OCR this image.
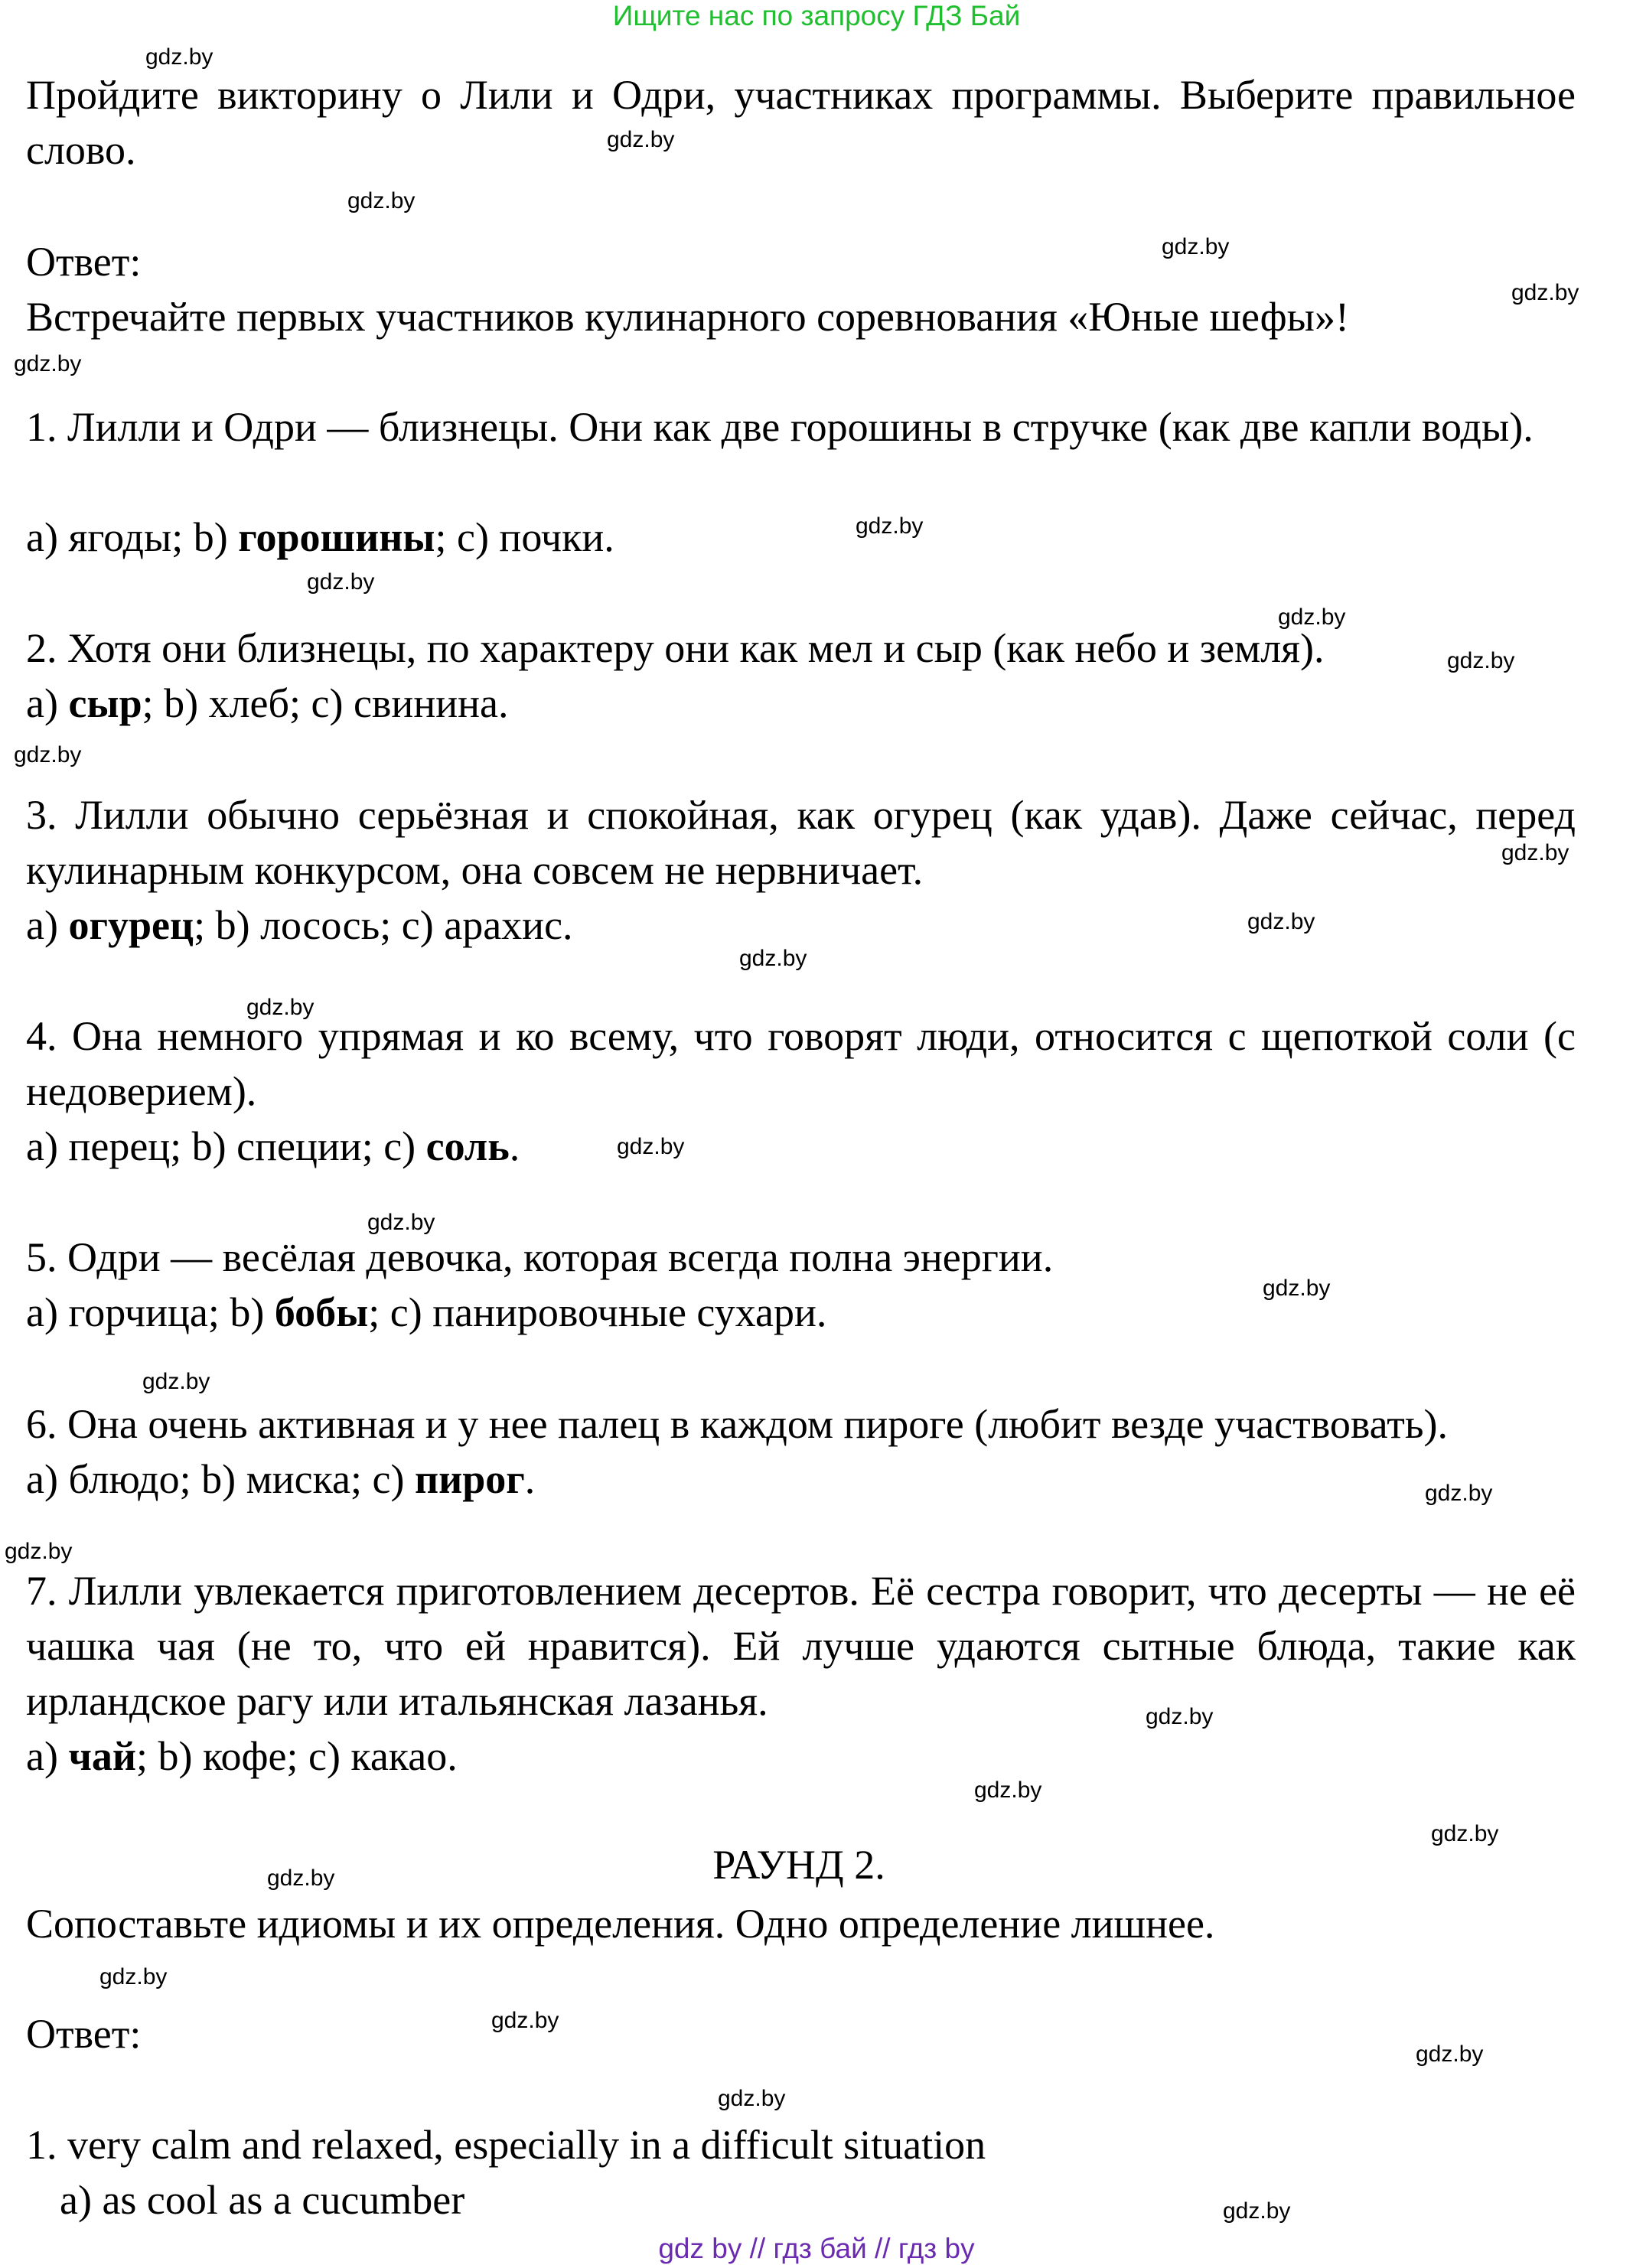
Ищите нас по запросу ГДЗ Бай
gdz.by
gdz.by
gdz.by
gdz.by
gdz.by
gdz.by
gdz.by
gdz.by
gdz.by
gdz.by
gdz.by
gdz.by
gdz.by
gdz.by
gdz.by
gdz.by
gdz.by
gdz.by
gdz.by
gdz.by
gdz.by
gdz.by
gdz.by
gdz.by
gdz.by
gdz.by
gdz.by
gdz.by
gdz.by
gdz.by

Пройдите викторину о Лили и Одри, участниках программы. Выберите правильное слово.

Ответ:

Встречайте первых участников кулинарного соревнования «Юные шефы»!

1. Лилли и Одри — близнецы. Они как две горошины в стручке (как две капли воды).

a) ягоды; b) горошины; c) почки.

2. Хотя они близнецы, по характеру они как мел и сыр (как небо и земля).

a) сыр; b) хлеб; c) свинина.

3. Лилли обычно серьёзная и спокойная, как огурец (как удав). Даже сейчас, перед кулинарным конкурсом, она совсем не нервничает.

a) огурец; b) лосось; c) арахис.

4. Она немного упрямая и ко всему, что говорят люди, относится с щепоткой соли (с недоверием).

a) перец; b) специи; c) соль.

5. Одри — весёлая девочка, которая всегда полна энергии.

a) горчица; b) бобы; c) панировочные сухари.

6. Она очень активная и у нее палец в каждом пироге (любит везде участвовать).

a) блюдо; b) миска; c) пирог.

7. Лилли увлекается приготовлением десертов. Её сестра говорит, что десерты — не её чашка чая (не то, что ей нравится). Ей лучше удаются сытные блюда, такие как ирландское рагу или итальянская лазанья.

a) чай; b) кофе; c) какао.

РАУНД 2.

Сопоставьте идиомы и их определения. Одно определение лишнее.

Ответ:

1. very calm and relaxed, especially in a difficult situation

a) as cool as a cucumber

gdz by // гдз бай // гдз by
